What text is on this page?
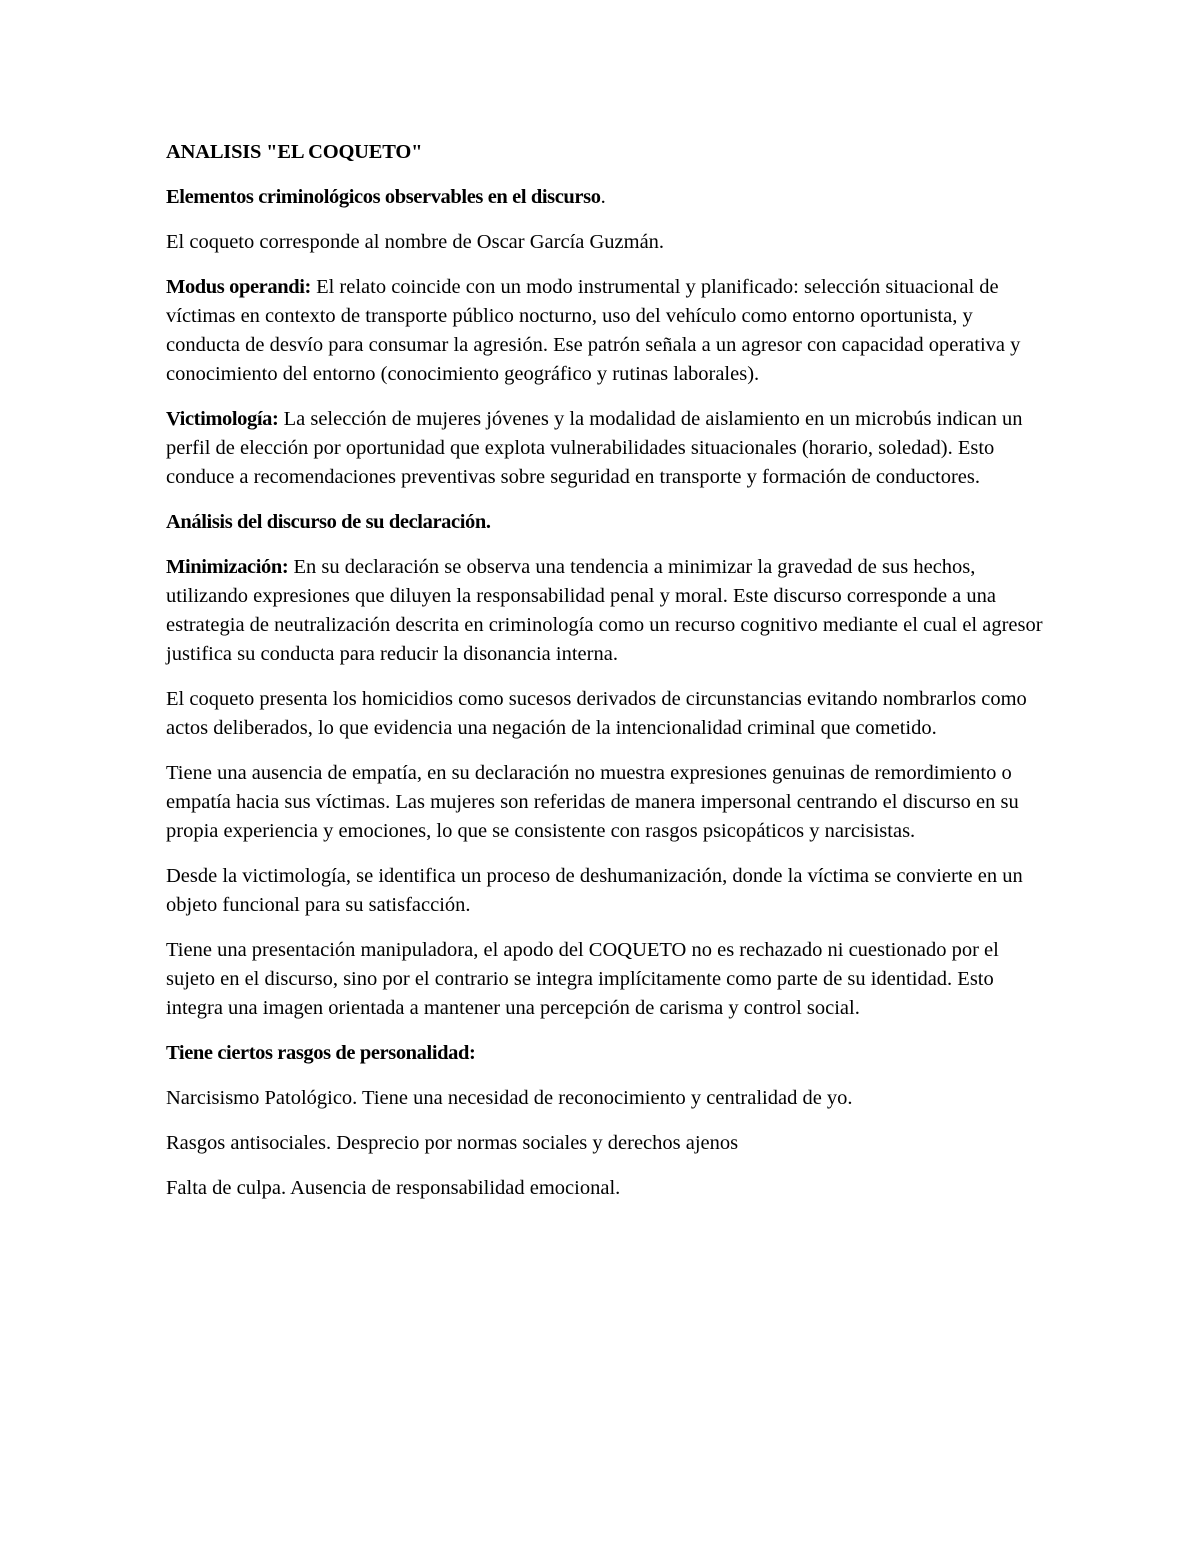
ANALISIS "EL COQUETO"

Elementos criminológicos observables en el discurso.

El coqueto corresponde al nombre de Oscar García Guzmán.

Modus operandi: El relato coincide con un modo instrumental y planificado: selección situacional de víctimas en contexto de transporte público nocturno, uso del vehículo como entorno oportunista, y conducta de desvío para consumar la agresión. Ese patrón señala a un agresor con capacidad operativa y conocimiento del entorno (conocimiento geográfico y rutinas laborales).

Victimología: La selección de mujeres jóvenes y la modalidad de aislamiento en un microbús indican un perfil de elección por oportunidad que explota vulnerabilidades situacionales (horario, soledad). Esto conduce a recomendaciones preventivas sobre seguridad en transporte y formación de conductores.

Análisis del discurso de su declaración.

Minimización: En su declaración se observa una tendencia a minimizar la gravedad de sus hechos, utilizando expresiones que diluyen la responsabilidad penal y moral. Este discurso corresponde a una estrategia de neutralización descrita en criminología como un recurso cognitivo mediante el cual el agresor justifica su conducta para reducir la disonancia interna.

El coqueto presenta los homicidios como sucesos derivados de circunstancias evitando nombrarlos como actos deliberados, lo que evidencia una negación de la intencionalidad criminal que cometido.

Tiene una ausencia de empatía, en su declaración no muestra expresiones genuinas de remordimiento o empatía hacia sus víctimas. Las mujeres son referidas de manera impersonal centrando el discurso en su propia experiencia y emociones, lo que se consistente con rasgos psicopáticos y narcisistas.

Desde la victimología, se identifica un proceso de deshumanización, donde la víctima se convierte en un objeto funcional para su satisfacción.

Tiene una presentación manipuladora, el apodo del COQUETO no es rechazado ni cuestionado por el sujeto en el discurso, sino por el contrario se integra implícitamente como parte de su identidad. Esto integra una imagen orientada a mantener una percepción de carisma y control social.

Tiene ciertos rasgos de personalidad:

Narcisismo Patológico. Tiene una necesidad de reconocimiento y centralidad de yo.

Rasgos antisociales. Desprecio por normas sociales y derechos ajenos

Falta de culpa. Ausencia de responsabilidad emocional.
